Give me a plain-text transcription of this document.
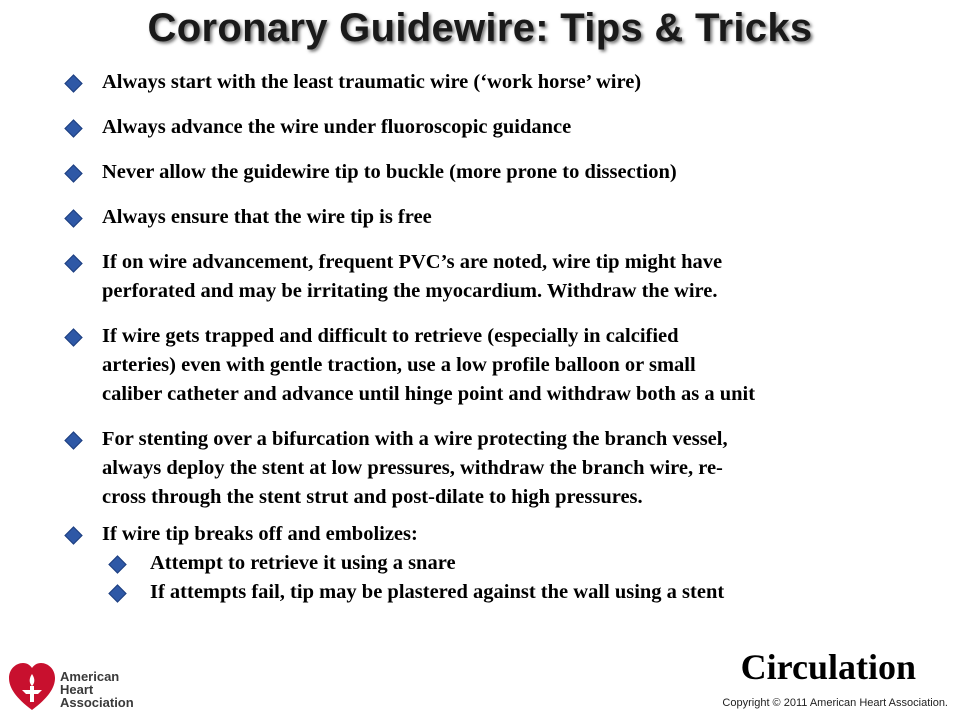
Coronary Guidewire: Tips & Tricks
Always start with the least traumatic wire (‘work horse’ wire)
Always advance the wire under fluoroscopic guidance
Never allow the guidewire tip to buckle (more prone to dissection)
Always ensure that the wire tip is free
If on wire advancement, frequent PVC’s are noted, wire tip might have
perforated and may be irritating the myocardium. Withdraw the wire.
If wire gets trapped and difficult to retrieve (especially in calcified
arteries) even with gentle traction, use a low profile balloon or small
caliber catheter and advance until hinge point and withdraw both as a unit
For stenting over a bifurcation with a wire protecting the branch vessel,
always deploy the stent at low pressures, withdraw the branch wire, re-
cross through the stent strut and post-dilate to high pressures.
If wire tip breaks off and embolizes:
Attempt to retrieve it using a snare
If attempts fail, tip may be plastered against the wall using a stent
American
Heart
Association
Circulation
Copyright © 2011 American Heart Association.
